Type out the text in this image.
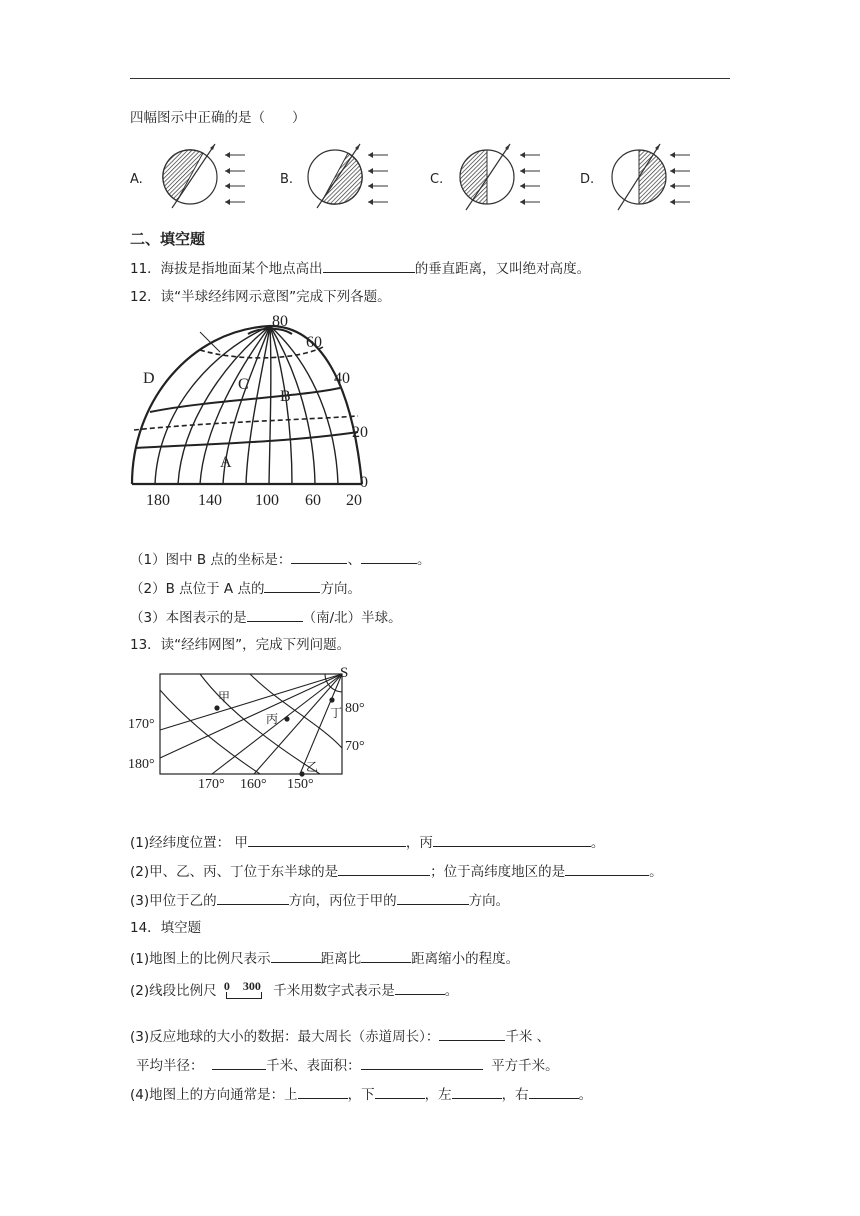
四幅图示中正确的是（　　）
A.	B.	C.	D.
二、填空题
11．海拔是指地面某个地点高出	的垂直距离，又叫绝对高度。
12．读“半球经纬网示意图”完成下列各题。
80
60
40
20
0
180 140 100 60 20
A
B
C
D
（1）图中 B 点的坐标是：	、	。
（2）B 点位于 A 点的	方向。
（3）本图表示的是	（南/北）半球。
13．读“经纬网图”，完成下列问题。
S
170°
180°
80°
70°
170° 160° 150°
甲
丙	丁
乙
(1)经纬度位置： 甲	，丙	。
(2)甲、乙、丙、丁位于东半球的是	；位于高纬度地区的是	。
(3)甲位于乙的	方向，丙位于甲的	方向。
14．填空题
(1)地图上的比例尺表示	距离比	距离缩小的程度。
(2)线段比例尺 0 300 千米用数字式表示是	。
(3)反应地球的大小的数据：最大周长（赤道周长）：	千米 、
平均半径：	千米、表面积：	平方千米。
(4)地图上的方向通常是：上	，下	，左	，右	。
